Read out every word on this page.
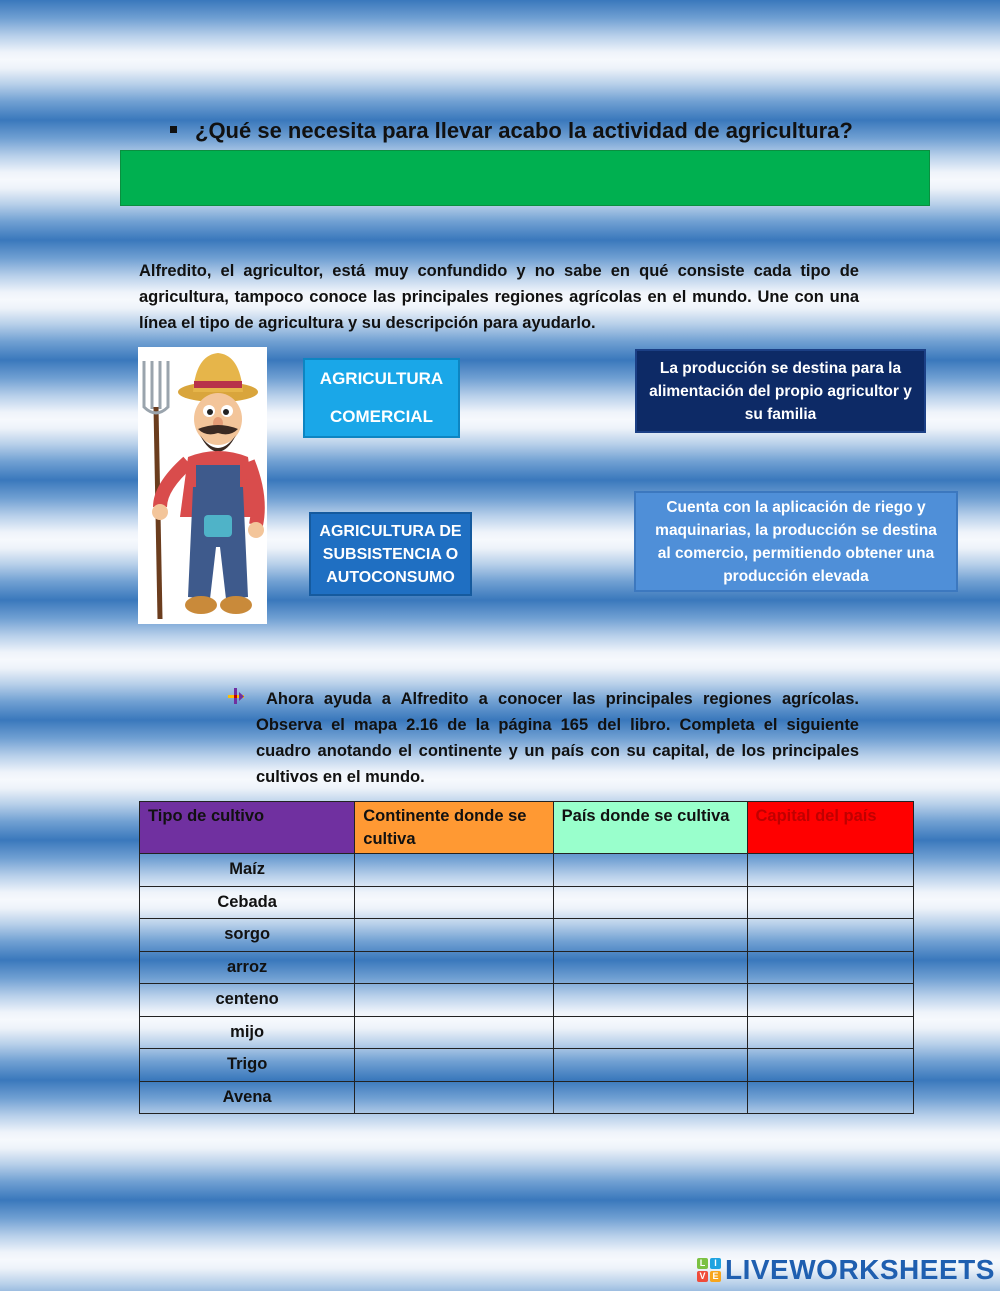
¿Qué se necesita para llevar acabo la actividad de agricultura?
Alfredito, el agricultor, está muy confundido y no sabe en qué consiste cada tipo de agricultura, tampoco conoce las principales regiones agrícolas en el mundo. Une con una línea el tipo de agricultura y su descripción para ayudarlo.
AGRICULTURA
COMERCIAL
AGRICULTURA DE SUBSISTENCIA O AUTOCONSUMO
La producción se destina para la alimentación del propio agricultor y su familia
Cuenta con la aplicación de riego y maquinarias, la producción se destina al comercio, permitiendo obtener una producción elevada
Ahora ayuda a Alfredito a conocer las principales regiones agrícolas. Observa el mapa 2.16 de la página 165 del libro. Completa el siguiente cuadro anotando el continente y un país con su capital, de los principales cultivos en el mundo.
Tipo de cultivo	Continente donde se cultiva	País donde se cultiva	Capital del país
Maíz			
Cebada			
sorgo			
arroz			
centeno			
mijo			
Trigo			
Avena			
L I
V E LIVEWORKSHEETS
